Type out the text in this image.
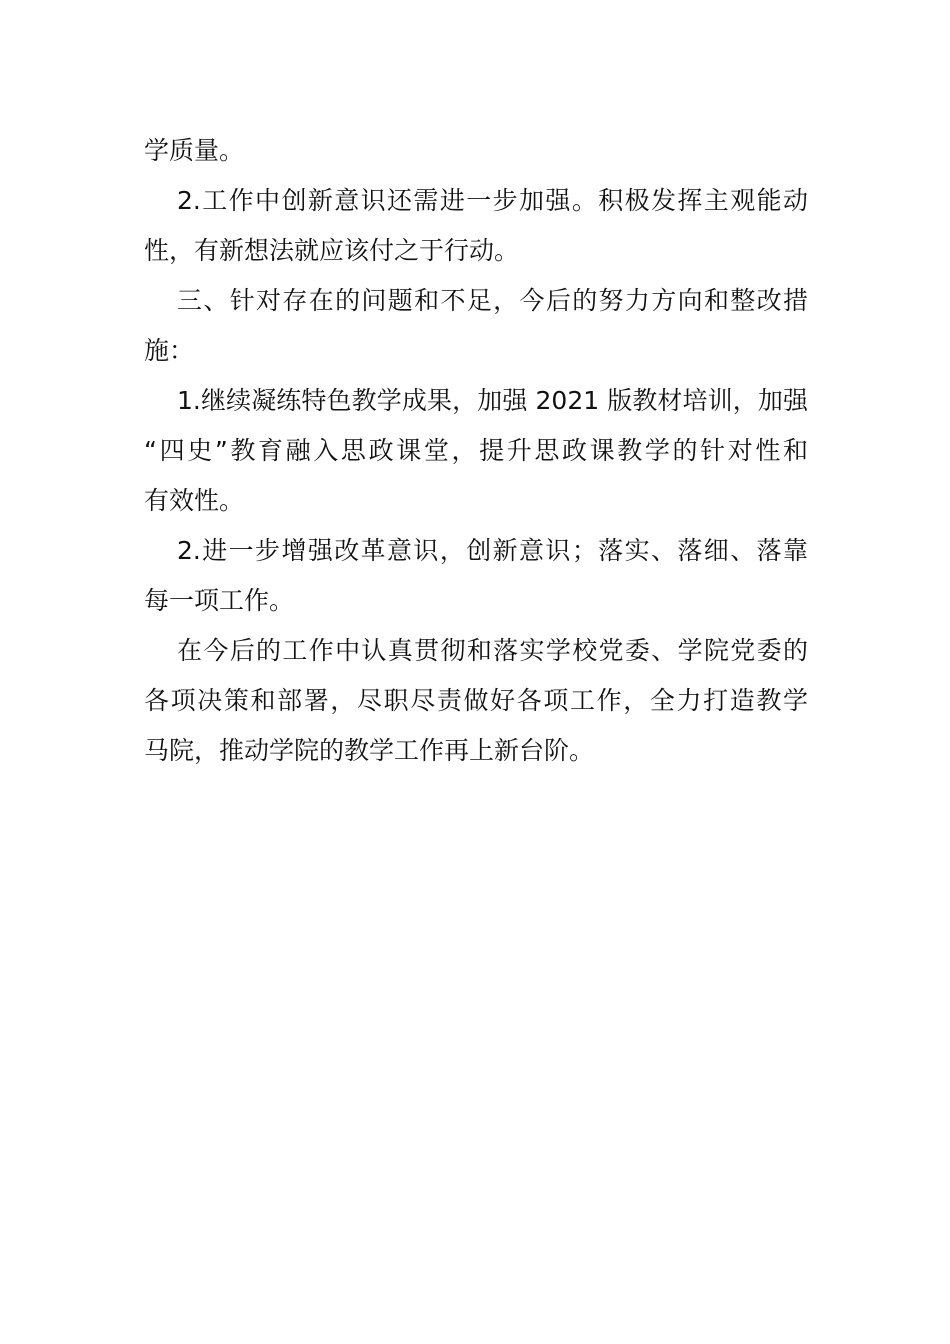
学质量。

2.工作中创新意识还需进一步加强。积极发挥主观能动
性，有新想法就应该付之于行动。

三、针对存在的问题和不足，今后的努力方向和整改措
施：

1.继续凝练特色教学成果，加强 2021 版教材培训，加强
“四史”教育融入思政课堂，提升思政课教学的针对性和
有效性。

2.进一步增强改革意识，创新意识；落实、落细、落靠
每一项工作。

在今后的工作中认真贯彻和落实学校党委、学院党委的
各项决策和部署，尽职尽责做好各项工作，全力打造教学
马院，推动学院的教学工作再上新台阶。
